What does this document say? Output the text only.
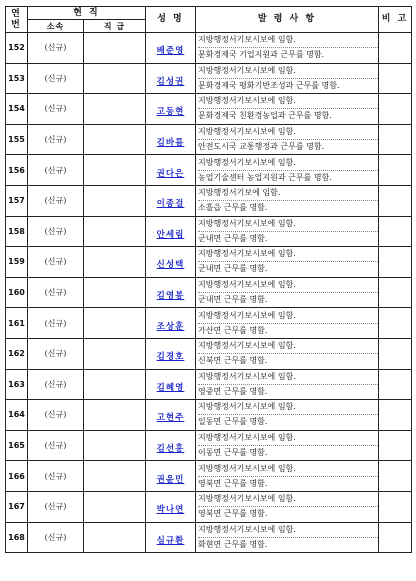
연번	현 직		성 명	발 령 사 항	비 고
	소속	직 급			
152	(신규)		배준영	지방행정서기보시보에 임함.
문화경제국 기업지원과 근무를 명함.	

153	(신규)		김성권	지방행정서기보시보에 임함.
문화경제국 평화기반조성과 근무를 명함.	

154	(신규)		고동현	지방행정서기보시보에 임함.
문화경제국 친환경농업과 근무를 명함.	

155	(신규)		김바름	지방행정서기보시보에 임함.
안전도시국 교통행정과 근무를 명함.	

156	(신규)		권다은	지방행정서기보시보에 임함.
농업기술센터 농업지원과 근무를 명함.	

157	(신규)		이종걸	지방행정서기보에 임함.
소흘읍 근무를 명함.	

158	(신규)		안세림	지방행정서기보시보에 임함.
군내면 근무를 명함.	

159	(신규)		신성택	지방행정서기보시보에 임함.
군내면 근무를 명함.	

160	(신규)		김영봉	지방행정서기보시보에 임함.
군내면 근무를 명함.	

161	(신규)		조상훈	지방행정서기보시보에 임함.
가산면 근무를 명함.	

162	(신규)		김경호	지방행정서기보시보에 임함.
신북면 근무를 명함.	

163	(신규)		김혜영	지방행정서기보시보에 임함.
영중면 근무를 명함.	

164	(신규)		고현주	지방행정서기보시보에 임함.
일동면 근무를 명함.	

165	(신규)		김선홍	지방행정서기보시보에 임함.
이동면 근무를 명함.	

166	(신규)		권윤민	지방행정서기보시보에 임함.
영북면 근무를 명함.	

167	(신규)		박나연	지방행정서기보시보에 임함.
영북면 근무를 명함.	

168	(신규)		심규환	지방행정서기보시보에 임함.
화현면 근무를 명함.	
